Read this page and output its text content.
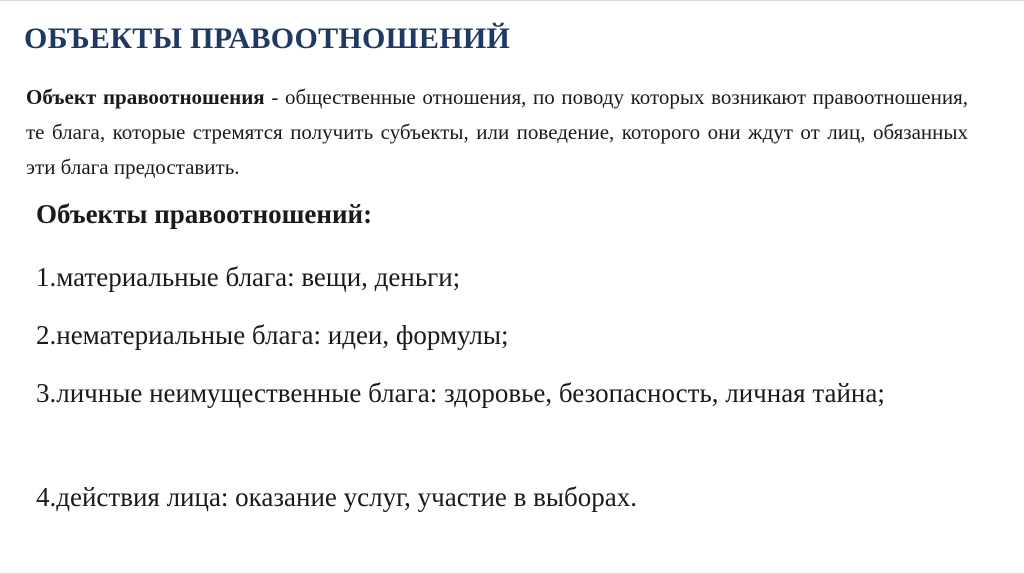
ОБЪЕКТЫ ПРАВООТНОШЕНИЙ

Объект правоотношения - общественные отношения, по поводу которых возникают правоотношения, те блага, которые стремятся получить субъекты, или поведение, которого они ждут от лиц, обязанных эти блага предоставить.

Объекты правоотношений:

1.материальные блага: вещи, деньги;

2.нематериальные блага: идеи, формулы;

3.личные неимущественные блага: здоровье, безопасность, личная тайна;

4.действия лица: оказание услуг, участие в выборах.
